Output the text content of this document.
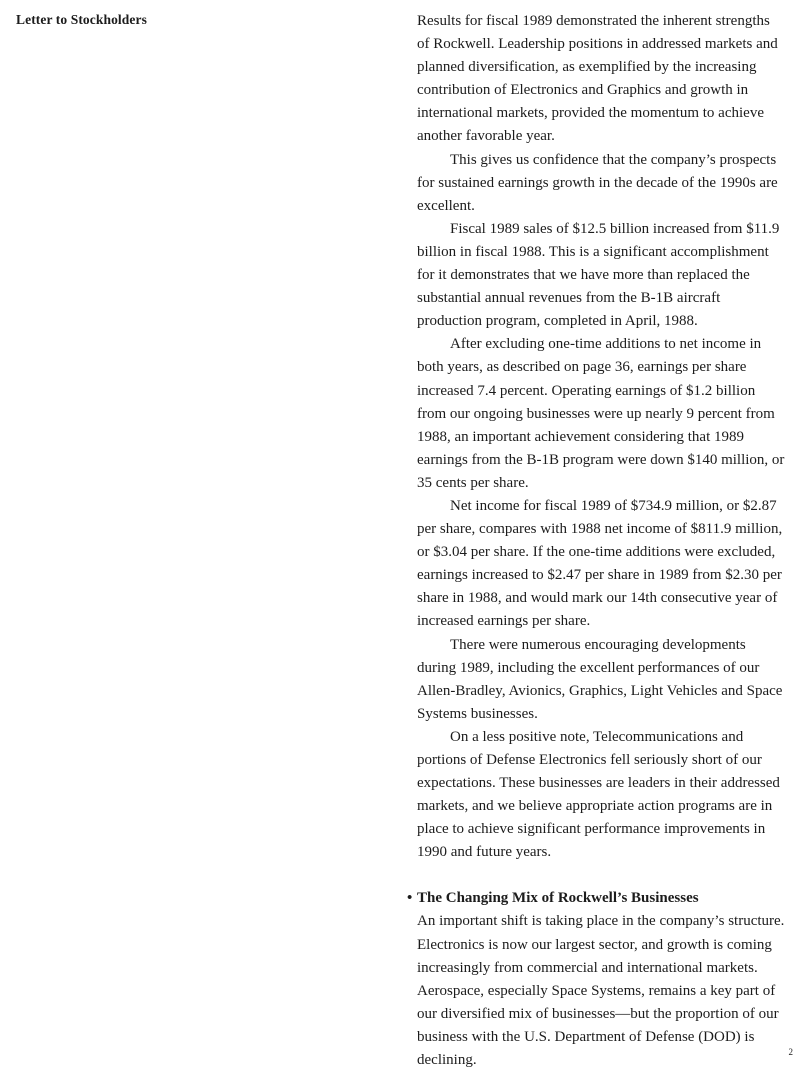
Letter to Stockholders	Results for fiscal 1989 demonstrated the inherent strengths of Rockwell. Leadership positions in addressed markets and planned diversification, as exemplified by the increasing contribution of Electronics and Graphics and growth in international markets, provided the momentum to achieve another favorable year.

This gives us confidence that the company’s prospects for sustained earnings growth in the decade of the 1990s are excellent.

Fiscal 1989 sales of $12.5 billion increased from $11.9 billion in fiscal 1988. This is a significant accomplishment for it demonstrates that we have more than replaced the substantial annual revenues from the B-1B aircraft production program, completed in April, 1988.

After excluding one-time additions to net income in both years, as described on page 36, earnings per share increased 7.4 percent. Operating earnings of $1.2 billion from our ongoing businesses were up nearly 9 percent from 1988, an important achievement considering that 1989 earnings from the B-1B program were down $140 million, or 35 cents per share.

Net income for fiscal 1989 of $734.9 million, or $2.87 per share, compares with 1988 net income of $811.9 million, or $3.04 per share. If the one-time additions were excluded, earnings increased to $2.47 per share in 1989 from $2.30 per share in 1988, and would mark our 14th consecutive year of increased earnings per share.

There were numerous encouraging developments during 1989, including the excellent performances of our Allen-Bradley, Avionics, Graphics, Light Vehicles and Space Systems businesses.

On a less positive note, Telecommunications and portions of Defense Electronics fell seriously short of our expectations. These businesses are leaders in their addressed markets, and we believe appropriate action programs are in place to achieve significant performance improvements in 1990 and future years.

• The Changing Mix of Rockwell’s Businesses

An important shift is taking place in the company’s structure. Electronics is now our largest sector, and growth is coming increasingly from commercial and international markets. Aerospace, especially Space Systems, remains a key part of our diversified mix of businesses—but the proportion of our business with the U.S. Department of Defense (DOD) is declining.

2
